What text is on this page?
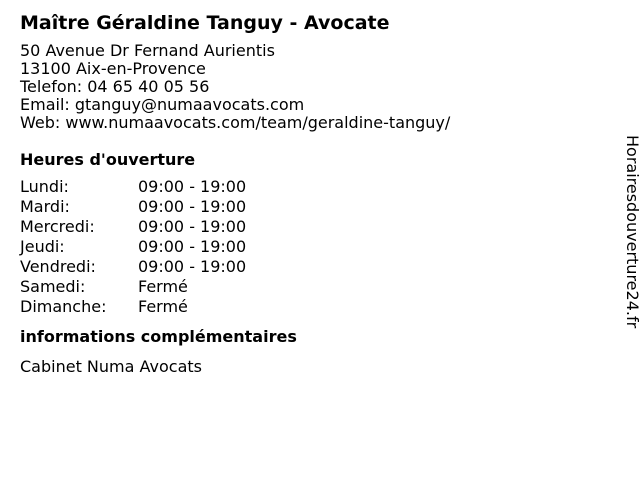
Maître Géraldine Tanguy - Avocate
50 Avenue Dr Fernand Aurientis
13100 Aix-en-Provence
Telefon: 04 65 40 05 56
Email: gtanguy@numaavocats.com
Web: www.numaavocats.com/team/geraldine-tanguy/
Heures d'ouverture
Lundi:	09:00 - 19:00
Mardi:	09:00 - 19:00
Mercredi:	09:00 - 19:00
Jeudi:	09:00 - 19:00
Vendredi:	09:00 - 19:00
Samedi:	Fermé
Dimanche:	Fermé
informations complémentaires
Cabinet Numa Avocats
Horairesdouverture24.fr
